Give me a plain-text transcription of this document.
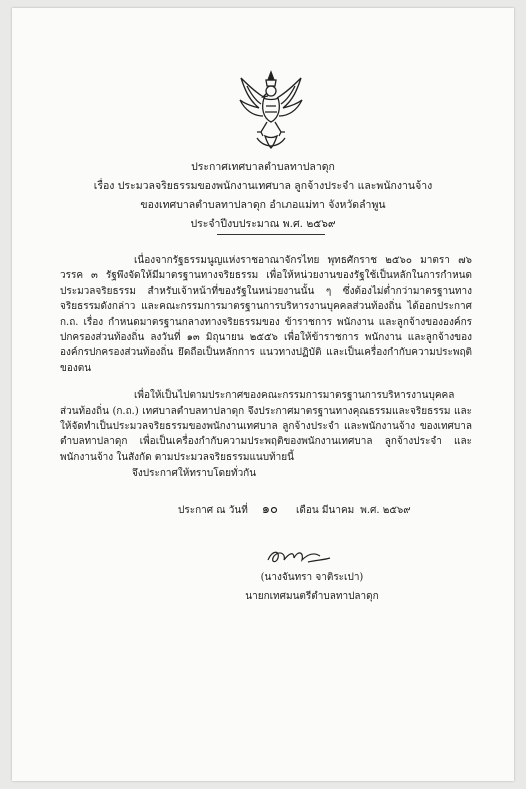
ประกาศเทศบาลตำบลทาปลาดุก
เรื่อง ประมวลจริยธรรมของพนักงานเทศบาล ลูกจ้างประจำ และพนักงานจ้าง
ของเทศบาลตำบลทาปลาดุก อำเภอแม่ทา จังหวัดลำพูน
ประจำปีงบประมาณ พ.ศ. ๒๕๖๙

เนื่องจากรัฐธรรมนูญแห่งราชอาณาจักรไทย พุทธศักราช ๒๕๖๐ มาตรา ๗๖ วรรค ๓ รัฐพึงจัดให้มีมาตรฐานทางจริยธรรม เพื่อให้หน่วยงานของรัฐใช้เป็นหลักในการกำหนดประมวลจริยธรรม สำหรับเจ้าหน้าที่ของรัฐในหน่วยงานนั้น ๆ ซึ่งต้องไม่ต่ำกว่ามาตรฐานทางจริยธรรมดังกล่าว และคณะกรรมการมาตรฐานการบริหารงานบุคคลส่วนท้องถิ่น ได้ออกประกาศ ก.ถ. เรื่อง กำหนดมาตรฐานกลางทางจริยธรรมของ ข้าราชการ พนักงาน และลูกจ้างขององค์กรปกครองส่วนท้องถิ่น ลงวันที่ ๑๓ มิถุนายน ๒๕๕๖ เพื่อให้ข้าราชการ พนักงาน และลูกจ้างขององค์กรปกครองส่วนท้องถิ่น ยึดถือเป็นหลักการ แนวทางปฏิบัติ และเป็นเครื่องกำกับความประพฤติของตน

เพื่อให้เป็นไปตามประกาศของคณะกรรมการมาตรฐานการบริหารงานบุคคลส่วนท้องถิ่น (ก.ถ.) เทศบาลตำบลทาปลาดุก จึงประกาศมาตรฐานทางคุณธรรมและจริยธรรม และให้จัดทำเป็นประมวลจริยธรรมของพนักงานเทศบาล ลูกจ้างประจำ และพนักงานจ้าง ของเทศบาลตำบลทาปลาดุก เพื่อเป็นเครื่องกำกับความประพฤติของพนักงานเทศบาล ลูกจ้างประจำ และพนักงานจ้าง ในสังกัด ตามประมวลจริยธรรมแนบท้ายนี้

จึงประกาศให้ทราบโดยทั่วกัน
ประกาศ ณ วันที่ ๑๐ เดือน มีนาคม พ.ศ. ๒๕๖๙
(นางจันทรา จาติระเปา)
นายกเทศมนตรีตำบลทาปลาดุก
